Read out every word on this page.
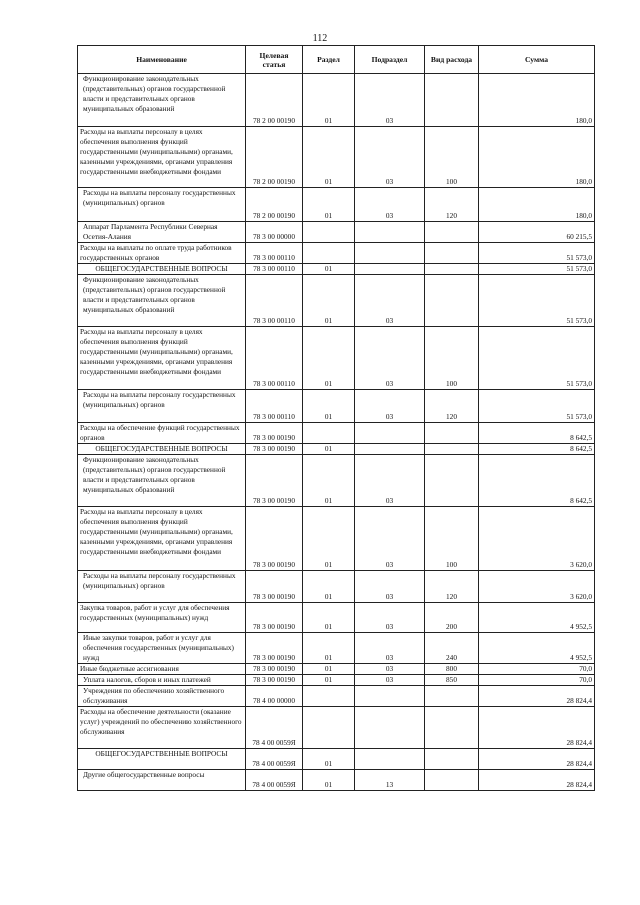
112
Наименование	Целевая статья	Раздел	Подраздел	Вид расхода	Сумма
Функционирование законодательных (представительных) органов государственной власти и представительных органов муниципальных образований	78 2 00 00190	01	03		180,0
Расходы на выплаты персоналу в целях обеспечения выполнения функций государственными (муниципальными) органами, казенными учреждениями, органами управления государственными внебюджетными фондами	78 2 00 00190	01	03	100	180,0
Расходы на выплаты персоналу государственных (муниципальных) органов	78 2 00 00190	01	03	120	180,0
Аппарат Парламента Республики Северная Осетия-Алания	78 3 00 00000				60 215,5
Расходы на выплаты по оплате труда работников государственных органов	78 3 00 00110				51 573,0
ОБЩЕГОСУДАРСТВЕННЫЕ ВОПРОСЫ	78 3 00 00110	01			51 573,0
Функционирование законодательных (представительных) органов государственной власти и представительных органов муниципальных образований	78 3 00 00110	01	03		51 573,0
Расходы на выплаты персоналу в целях обеспечения выполнения функций государственными (муниципальными) органами, казенными учреждениями, органами управления государственными внебюджетными фондами	78 3 00 00110	01	03	100	51 573,0
Расходы на выплаты персоналу государственных (муниципальных) органов	78 3 00 00110	01	03	120	51 573,0
Расходы на обеспечение функций государственных органов	78 3 00 00190				8 642,5
ОБЩЕГОСУДАРСТВЕННЫЕ ВОПРОСЫ	78 3 00 00190	01			8 642,5
Функционирование законодательных (представительных) органов государственной власти и представительных органов муниципальных образований	78 3 00 00190	01	03		8 642,5
Расходы на выплаты персоналу в целях обеспечения выполнения функций государственными (муниципальными) органами, казенными учреждениями, органами управления государственными внебюджетными фондами	78 3 00 00190	01	03	100	3 620,0
Расходы на выплаты персоналу государственных (муниципальных) органов	78 3 00 00190	01	03	120	3 620,0
Закупка товаров, работ и услуг для обеспечения государственных (муниципальных) нужд	78 3 00 00190	01	03	200	4 952,5
Иные закупки товаров, работ и услуг для обеспечения государственных (муниципальных) нужд	78 3 00 00190	01	03	240	4 952,5
Иные бюджетные ассигнования	78 3 00 00190	01	03	800	70,0
Уплата налогов, сборов и иных платежей	78 3 00 00190	01	03	850	70,0
Учреждения по обеспечению хозяйственного обслуживания	78 4 00 00000				28 824,4
Расходы на обеспечение деятельности (оказание услуг) учреждений по обеспечению хозяйственного обслуживания	78 4 00 0059Я				28 824,4
ОБЩЕГОСУДАРСТВЕННЫЕ ВОПРОСЫ	78 4 00 0059Я	01			28 824,4
Другие общегосударственные вопросы	78 4 00 0059Я	01	13		28 824,4
